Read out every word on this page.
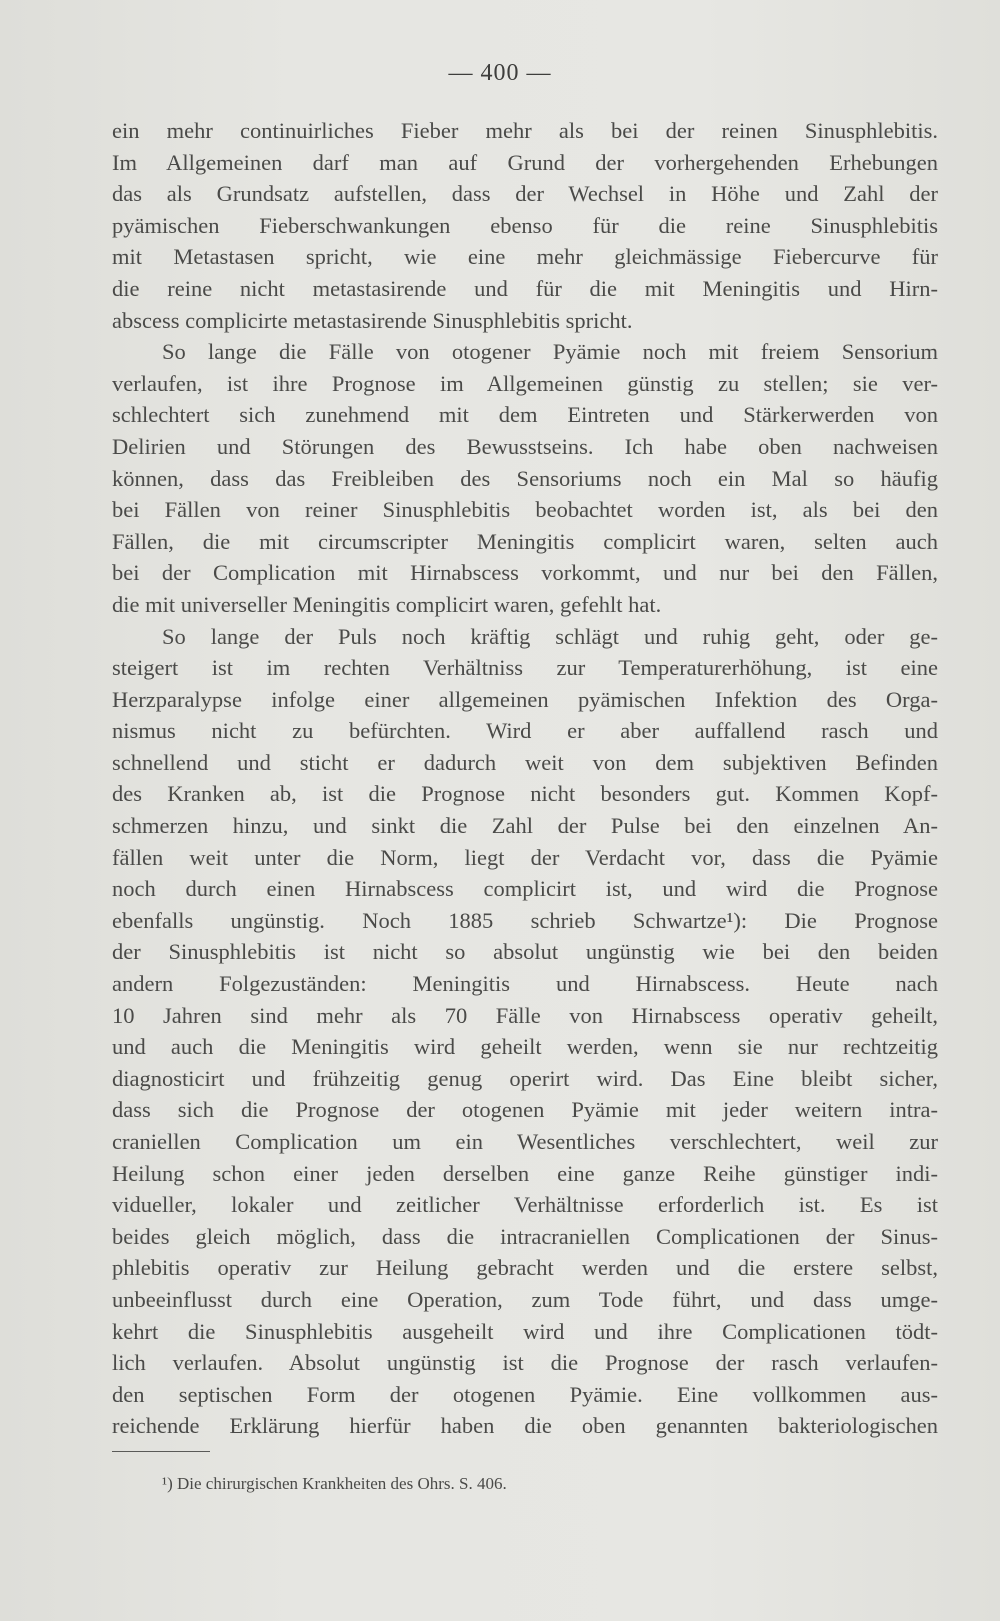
— 400 —
ein mehr continuirliches Fieber mehr als bei der reinen Sinusphlebitis.
Im Allgemeinen darf man auf Grund der vorhergehenden Erhebungen
das als Grundsatz aufstellen, dass der Wechsel in Höhe und Zahl der
pyämischen Fieberschwankungen ebenso für die reine Sinusphlebitis
mit Metastasen spricht, wie eine mehr gleichmässige Fiebercurve für
die reine nicht metastasirende und für die mit Meningitis und Hirn-
abscess complicirte metastasirende Sinusphlebitis spricht.
So lange die Fälle von otogener Pyämie noch mit freiem Sensorium
verlaufen, ist ihre Prognose im Allgemeinen günstig zu stellen; sie ver-
schlechtert sich zunehmend mit dem Eintreten und Stärkerwerden von
Delirien und Störungen des Bewusstseins. Ich habe oben nachweisen
können, dass das Freibleiben des Sensoriums noch ein Mal so häufig
bei Fällen von reiner Sinusphlebitis beobachtet worden ist, als bei den
Fällen, die mit circumscripter Meningitis complicirt waren, selten auch
bei der Complication mit Hirnabscess vorkommt, und nur bei den Fällen,
die mit universeller Meningitis complicirt waren, gefehlt hat.
So lange der Puls noch kräftig schlägt und ruhig geht, oder ge-
steigert ist im rechten Verhältniss zur Temperaturerhöhung, ist eine
Herzparalypse infolge einer allgemeinen pyämischen Infektion des Orga-
nismus nicht zu befürchten. Wird er aber auffallend rasch und
schnellend und sticht er dadurch weit von dem subjektiven Befinden
des Kranken ab, ist die Prognose nicht besonders gut. Kommen Kopf-
schmerzen hinzu, und sinkt die Zahl der Pulse bei den einzelnen An-
fällen weit unter die Norm, liegt der Verdacht vor, dass die Pyämie
noch durch einen Hirnabscess complicirt ist, und wird die Prognose
ebenfalls ungünstig. Noch 1885 schrieb Schwartze¹): Die Prognose
der Sinusphlebitis ist nicht so absolut ungünstig wie bei den beiden
andern Folgezuständen: Meningitis und Hirnabscess. Heute nach
10 Jahren sind mehr als 70 Fälle von Hirnabscess operativ geheilt,
und auch die Meningitis wird geheilt werden, wenn sie nur rechtzeitig
diagnosticirt und frühzeitig genug operirt wird. Das Eine bleibt sicher,
dass sich die Prognose der otogenen Pyämie mit jeder weitern intra-
craniellen Complication um ein Wesentliches verschlechtert, weil zur
Heilung schon einer jeden derselben eine ganze Reihe günstiger indi-
vidueller, lokaler und zeitlicher Verhältnisse erforderlich ist. Es ist
beides gleich möglich, dass die intracraniellen Complicationen der Sinus-
phlebitis operativ zur Heilung gebracht werden und die erstere selbst,
unbeeinflusst durch eine Operation, zum Tode führt, und dass umge-
kehrt die Sinusphlebitis ausgeheilt wird und ihre Complicationen tödt-
lich verlaufen. Absolut ungünstig ist die Prognose der rasch verlaufen-
den septischen Form der otogenen Pyämie. Eine vollkommen aus-
reichende Erklärung hierfür haben die oben genannten bakteriologischen
¹) Die chirurgischen Krankheiten des Ohrs. S. 406.
